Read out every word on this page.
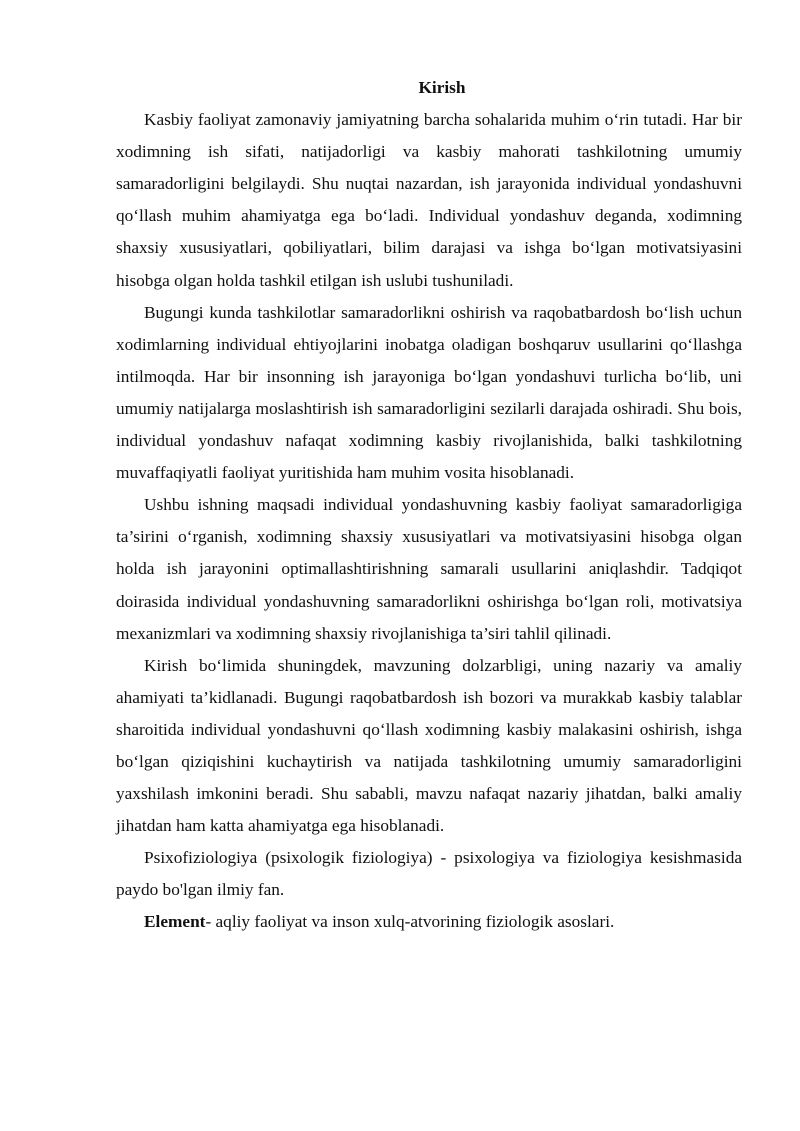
Kirish

Kasbiy faoliyat zamonaviy jamiyatning barcha sohalarida muhim o‘rin tutadi. Har bir xodimning ish sifati, natijadorligi va kasbiy mahorati tashkilotning umumiy samaradorligini belgilaydi. Shu nuqtai nazardan, ish jarayonida individual yondashuvni qo‘llash muhim ahamiyatga ega bo‘ladi. Individual yondashuv deganda, xodimning shaxsiy xususiyatlari, qobiliyatlari, bilim darajasi va ishga bo‘lgan motivatsiyasini hisobga olgan holda tashkil etilgan ish uslubi tushuniladi.

Bugungi kunda tashkilotlar samaradorlikni oshirish va raqobatbardosh bo‘lish uchun xodimlarning individual ehtiyojlarini inobatga oladigan boshqaruv usullarini qo‘llashga intilmoqda. Har bir insonning ish jarayoniga bo‘lgan yondashuvi turlicha bo‘lib, uni umumiy natijalarga moslashtirish ish samaradorligini sezilarli darajada oshiradi. Shu bois, individual yondashuv nafaqat xodimning kasbiy rivojlanishida, balki tashkilotning muvaffaqiyatli faoliyat yuritishida ham muhim vosita hisoblanadi.

Ushbu ishning maqsadi individual yondashuvning kasbiy faoliyat samaradorligiga ta’sirini o‘rganish, xodimning shaxsiy xususiyatlari va motivatsiyasini hisobga olgan holda ish jarayonini optimallashtirishning samarali usullarini aniqlashdir. Tadqiqot doirasida individual yondashuvning samaradorlikni oshirishga bo‘lgan roli, motivatsiya mexanizmlari va xodimning shaxsiy rivojlanishiga ta’siri tahlil qilinadi.

Kirish bo‘limida shuningdek, mavzuning dolzarbligi, uning nazariy va amaliy ahamiyati ta’kidlanadi. Bugungi raqobatbardosh ish bozori va murakkab kasbiy talablar sharoitida individual yondashuvni qo‘llash xodimning kasbiy malakasini oshirish, ishga bo‘lgan qiziqishini kuchaytirish va natijada tashkilotning umumiy samaradorligini yaxshilash imkonini beradi. Shu sababli, mavzu nafaqat nazariy jihatdan, balki amaliy jihatdan ham katta ahamiyatga ega hisoblanadi.

Psixofiziologiya (psixologik fiziologiya) - psixologiya va fiziologiya kesishmasida paydo bo'lgan ilmiy fan.

Element- aqliy faoliyat va inson xulq-atvorining fiziologik asoslari.
